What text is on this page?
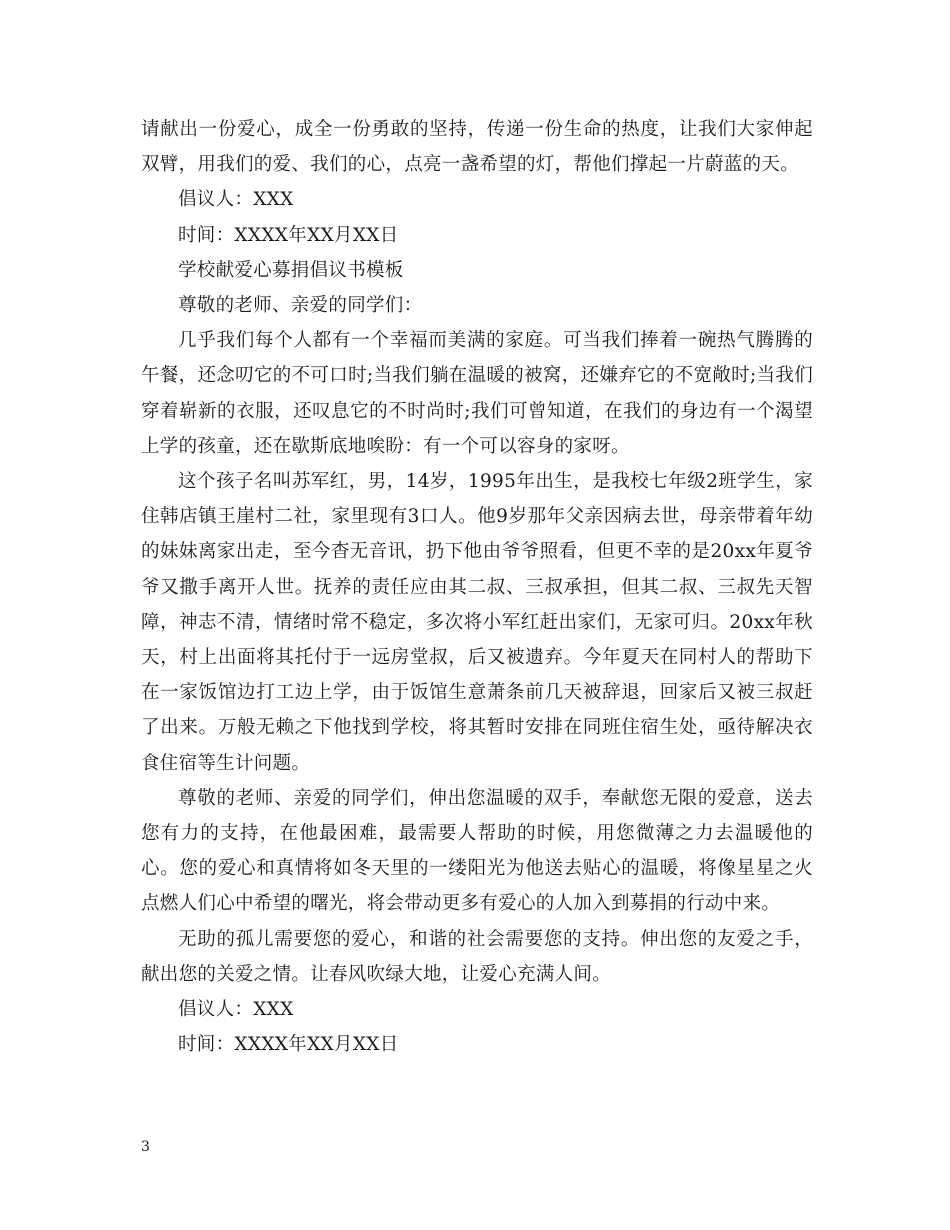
请献出一份爱心，成全一份勇敢的坚持，传递一份生命的热度，让我们大家伸起双臂，用我们的爱、我们的心，点亮一盏希望的灯，帮他们撑起一片蔚蓝的天。

倡议人：XXX

时间：XXXX年XX月XX日

学校献爱心募捐倡议书模板

尊敬的老师、亲爱的同学们：

几乎我们每个人都有一个幸福而美满的家庭。可当我们捧着一碗热气腾腾的午餐，还念叨它的不可口时;当我们躺在温暖的被窝，还嫌弃它的不宽敞时;当我们穿着崭新的衣服，还叹息它的不时尚时;我们可曾知道，在我们的身边有一个渴望上学的孩童，还在歇斯底地唉盼：有一个可以容身的家呀。

这个孩子名叫苏军红，男，14岁，1995年出生，是我校七年级2班学生，家住韩店镇王崖村二社，家里现有3口人。他9岁那年父亲因病去世，母亲带着年幼的妹妹离家出走，至今杳无音讯，扔下他由爷爷照看，但更不幸的是20xx年夏爷爷又撒手离开人世。抚养的责任应由其二叔、三叔承担，但其二叔、三叔先天智障，神志不清，情绪时常不稳定，多次将小军红赶出家们，无家可归。20xx年秋天，村上出面将其托付于一远房堂叔，后又被遗弃。今年夏天在同村人的帮助下在一家饭馆边打工边上学，由于饭馆生意萧条前几天被辞退，回家后又被三叔赶了出来。万般无赖之下他找到学校，将其暂时安排在同班住宿生处，亟待解决衣食住宿等生计问题。

尊敬的老师、亲爱的同学们，伸出您温暖的双手，奉献您无限的爱意，送去您有力的支持，在他最困难，最需要人帮助的时候，用您微薄之力去温暖他的心。您的爱心和真情将如冬天里的一缕阳光为他送去贴心的温暖，将像星星之火点燃人们心中希望的曙光，将会带动更多有爱心的人加入到募捐的行动中来。

无助的孤儿需要您的爱心，和谐的社会需要您的支持。伸出您的友爱之手，献出您的关爱之情。让春风吹绿大地，让爱心充满人间。

倡议人：XXX

时间：XXXX年XX月XX日

3
